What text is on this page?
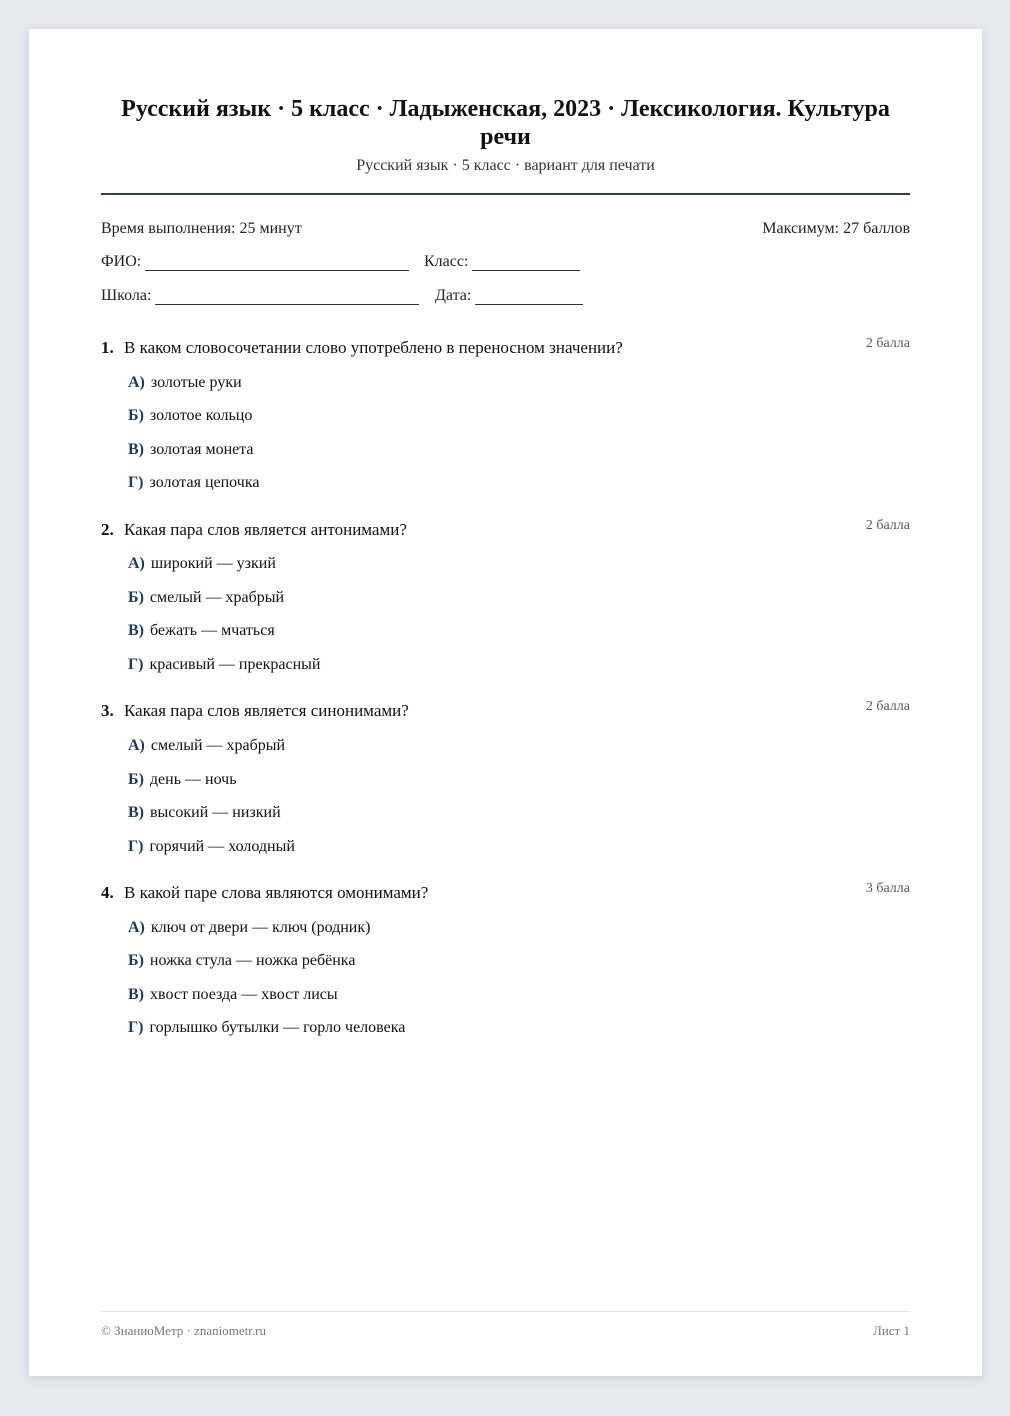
Русский язык · 5 класс · Ладыженская, 2023 · Лексикология. Культура речи
Русский язык · 5 класс · вариант для печати
Время выполнения: 25 минут	Максимум: 27 баллов
ФИО:	Класс:
Школа:	Дата:
1. В каком словосочетании слово употреблено в переносном значении?	2 балла
А) золотые руки
Б) золотое кольцо
В) золотая монета
Г) золотая цепочка
2. Какая пара слов является антонимами?	2 балла
А) широкий — узкий
Б) смелый — храбрый
В) бежать — мчаться
Г) красивый — прекрасный
3. Какая пара слов является синонимами?	2 балла
А) смелый — храбрый
Б) день — ночь
В) высокий — низкий
Г) горячий — холодный
4. В какой паре слова являются омонимами?	3 балла
А) ключ от двери — ключ (родник)
Б) ножка стула — ножка ребёнка
В) хвост поезда — хвост лисы
Г) горлышко бутылки — горло человека
© ЗнаниоМетр · znaniometr.ru	Лист 1
